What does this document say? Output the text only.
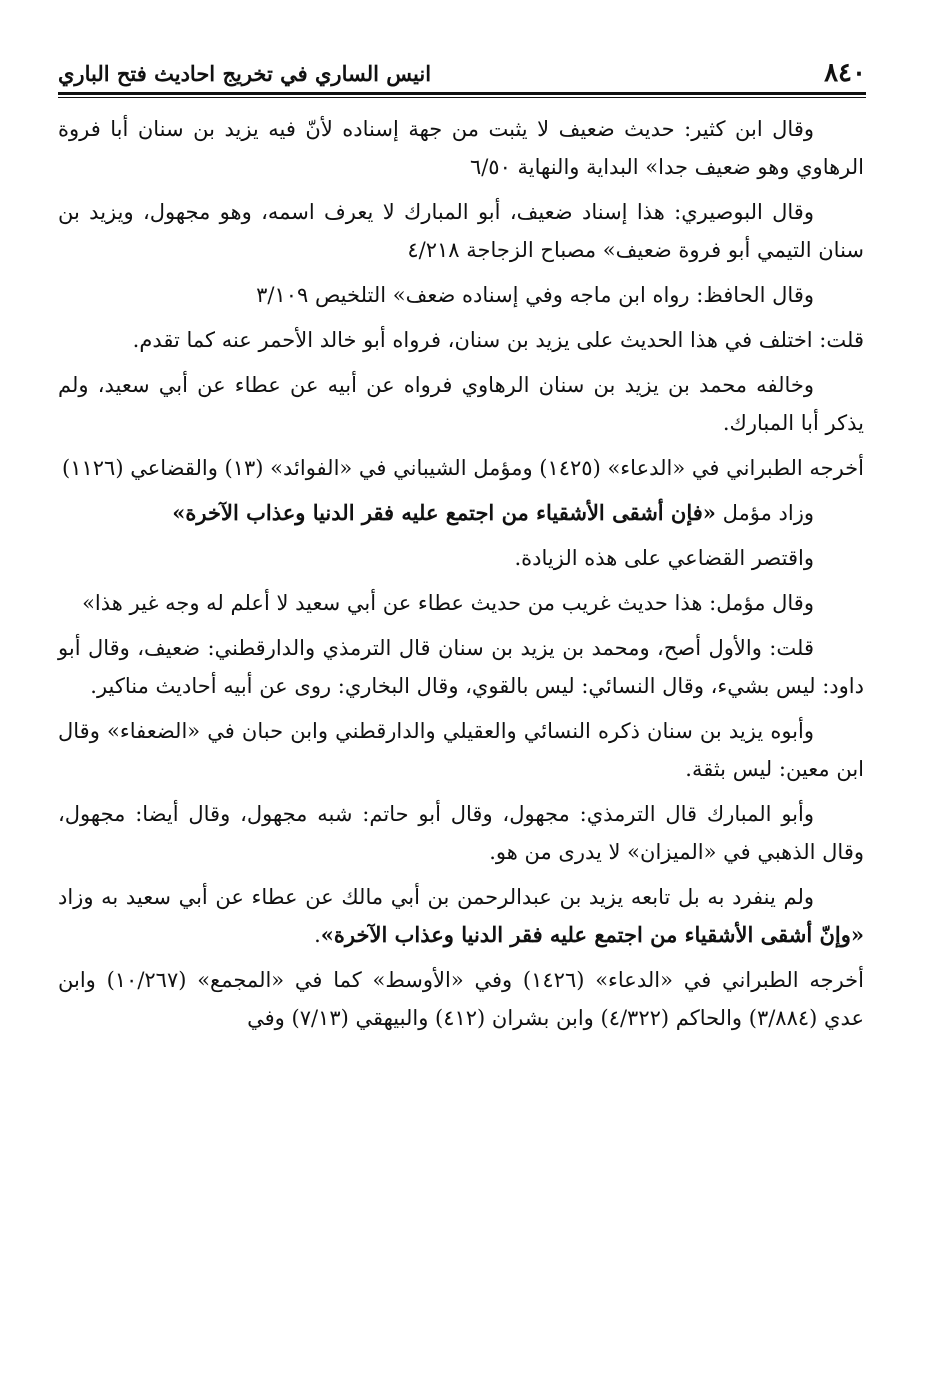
انيس الساري في تخريج احاديث فتح الباري	٨٤٠

وقال ابن كثير: حديث ضعيف لا يثبت من جهة إسناده لأنّ فيه يزيد بن سنان أبا فروة الرهاوي وهو ضعيف جدا» البداية والنهاية ٦/٥٠

وقال البوصيري: هذا إسناد ضعيف، أبو المبارك لا يعرف اسمه، وهو مجهول، ويزيد بن سنان التيمي أبو فروة ضعيف» مصباح الزجاجة ٤/٢١٨

وقال الحافظ: رواه ابن ماجه وفي إسناده ضعف» التلخيص ٣/١٠٩

قلت: اختلف في هذا الحديث على يزيد بن سنان، فرواه أبو خالد الأحمر عنه كما تقدم.

وخالفه محمد بن يزيد بن سنان الرهاوي فرواه عن أبيه عن عطاء عن أبي سعيد، ولم يذكر أبا المبارك.

أخرجه الطبراني في «الدعاء» (١٤٢٥) ومؤمل الشيباني في «الفوائد» (١٣) والقضاعي (١١٢٦)

وزاد مؤمل «فإن أشقى الأشقياء من اجتمع عليه فقر الدنيا وعذاب الآخرة»

واقتصر القضاعي على هذه الزيادة.

وقال مؤمل: هذا حديث غريب من حديث عطاء عن أبي سعيد لا أعلم له وجه غير هذا»

قلت: والأول أصح، ومحمد بن يزيد بن سنان قال الترمذي والدارقطني: ضعيف، وقال أبو داود: ليس بشيء، وقال النسائي: ليس بالقوي، وقال البخاري: روى عن أبيه أحاديث مناكير.

وأبوه يزيد بن سنان ذكره النسائي والعقيلي والدارقطني وابن حبان في «الضعفاء» وقال ابن معين: ليس بثقة.

وأبو المبارك قال الترمذي: مجهول، وقال أبو حاتم: شبه مجهول، وقال أيضا: مجهول، وقال الذهبي في «الميزان» لا يدرى من هو.

ولم ينفرد به بل تابعه يزيد بن عبدالرحمن بن أبي مالك عن عطاء عن أبي سعيد به وزاد «وإنّ أشقى الأشقياء من اجتمع عليه فقر الدنيا وعذاب الآخرة».

أخرجه الطبراني في «الدعاء» (١٤٢٦) وفي «الأوسط» كما في «المجمع» (١٠/٢٦٧) وابن عدي (٣/٨٨٤) والحاكم (٤/٣٢٢) وابن بشران (٤١٢) والبيهقي (٧/١٣) وفي
